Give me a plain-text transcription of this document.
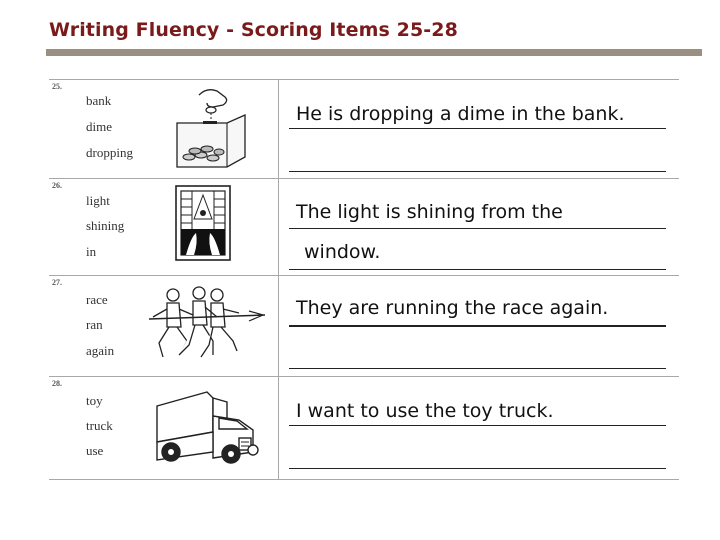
Writing Fluency - Scoring Items 25-28
25.
bank
dime
dropping
He is dropping a dime in the bank.
26.
light
shining
in
The light is shining from the
window.
27.
race
ran
again
They are running the race again.
28.
toy
truck
use
I want to use the toy truck.
